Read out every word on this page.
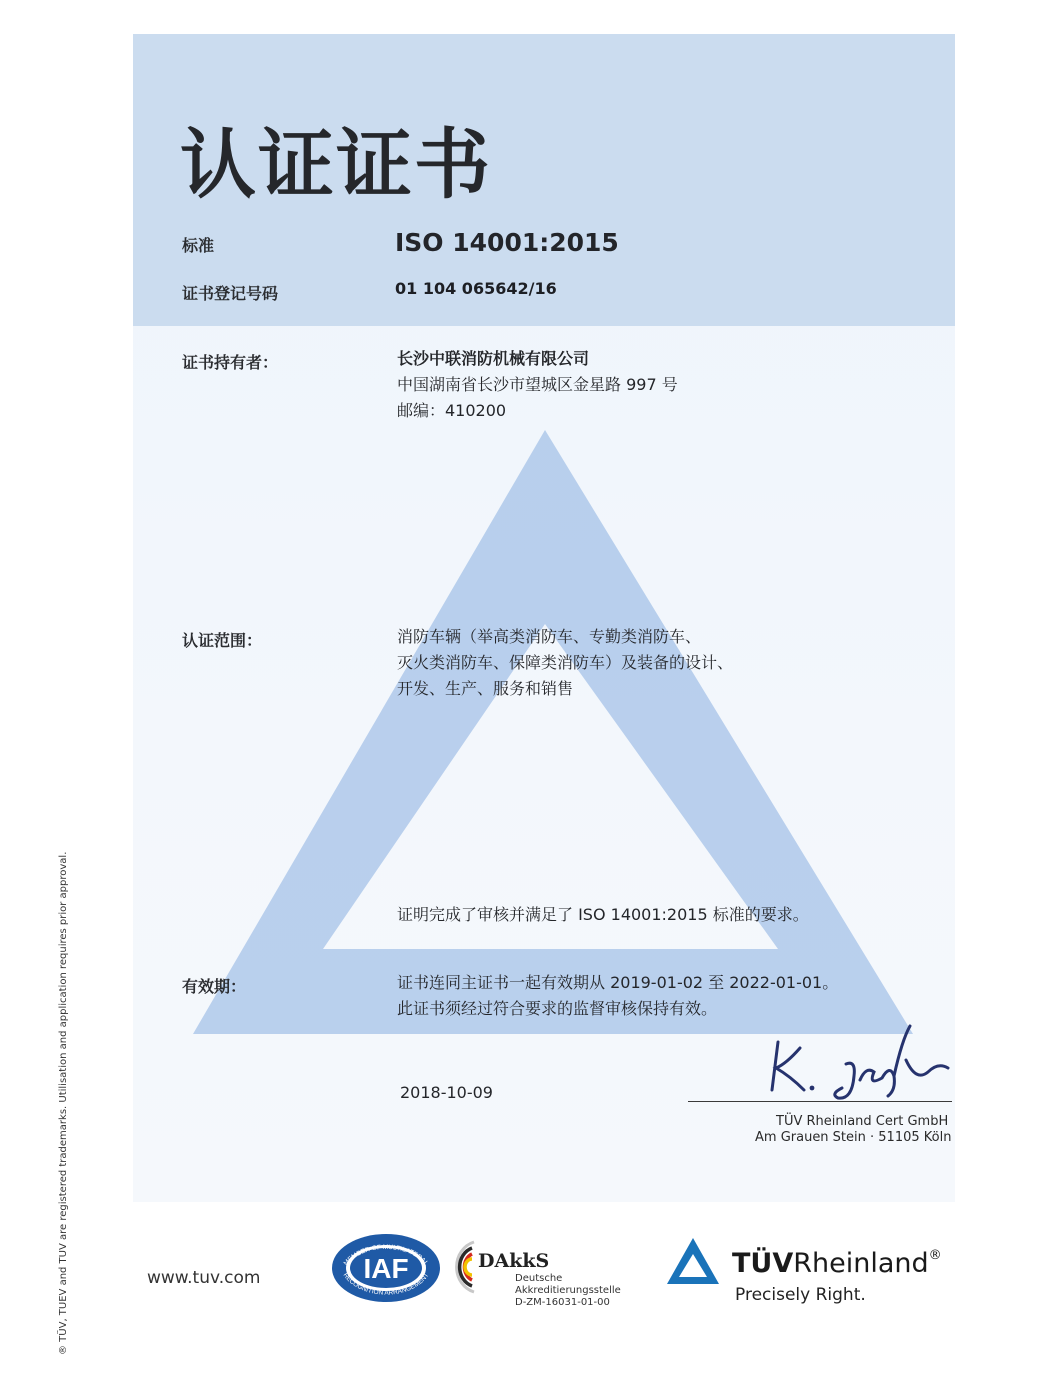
认证证书
标准	ISO 14001:2015
证书登记号码	01 104 065642/16
证书持有者：	长沙中联消防机械有限公司
中国湖南省长沙市望城区金星路 997 号
邮编：410200
认证范围：	消防车辆（举高类消防车、专勤类消防车、
灭火类消防车、保障类消防车）及装备的设计、
开发、生产、服务和销售
证明完成了审核并满足了 ISO 14001:2015 标准的要求。
有效期：	证书连同主证书一起有效期从 2019-01-02 至 2022-01-01。
此证书须经过符合要求的监督审核保持有效。
2018-10-09
TÜV Rheinland Cert GmbH
Am Grauen Stein · 51105 Köln
® TÜV, TUEV and TUV are registered trademarks. Utilisation and application requires prior approval.	www.tuv.com	IAF
MEMBER OF MULTILATERAL
RECOGNITION ARRANGEMENT
DAkkS
Deutsche
Akkreditierungsstelle
D-ZM-16031-01-00
TÜVRheinland®
Precisely Right.
